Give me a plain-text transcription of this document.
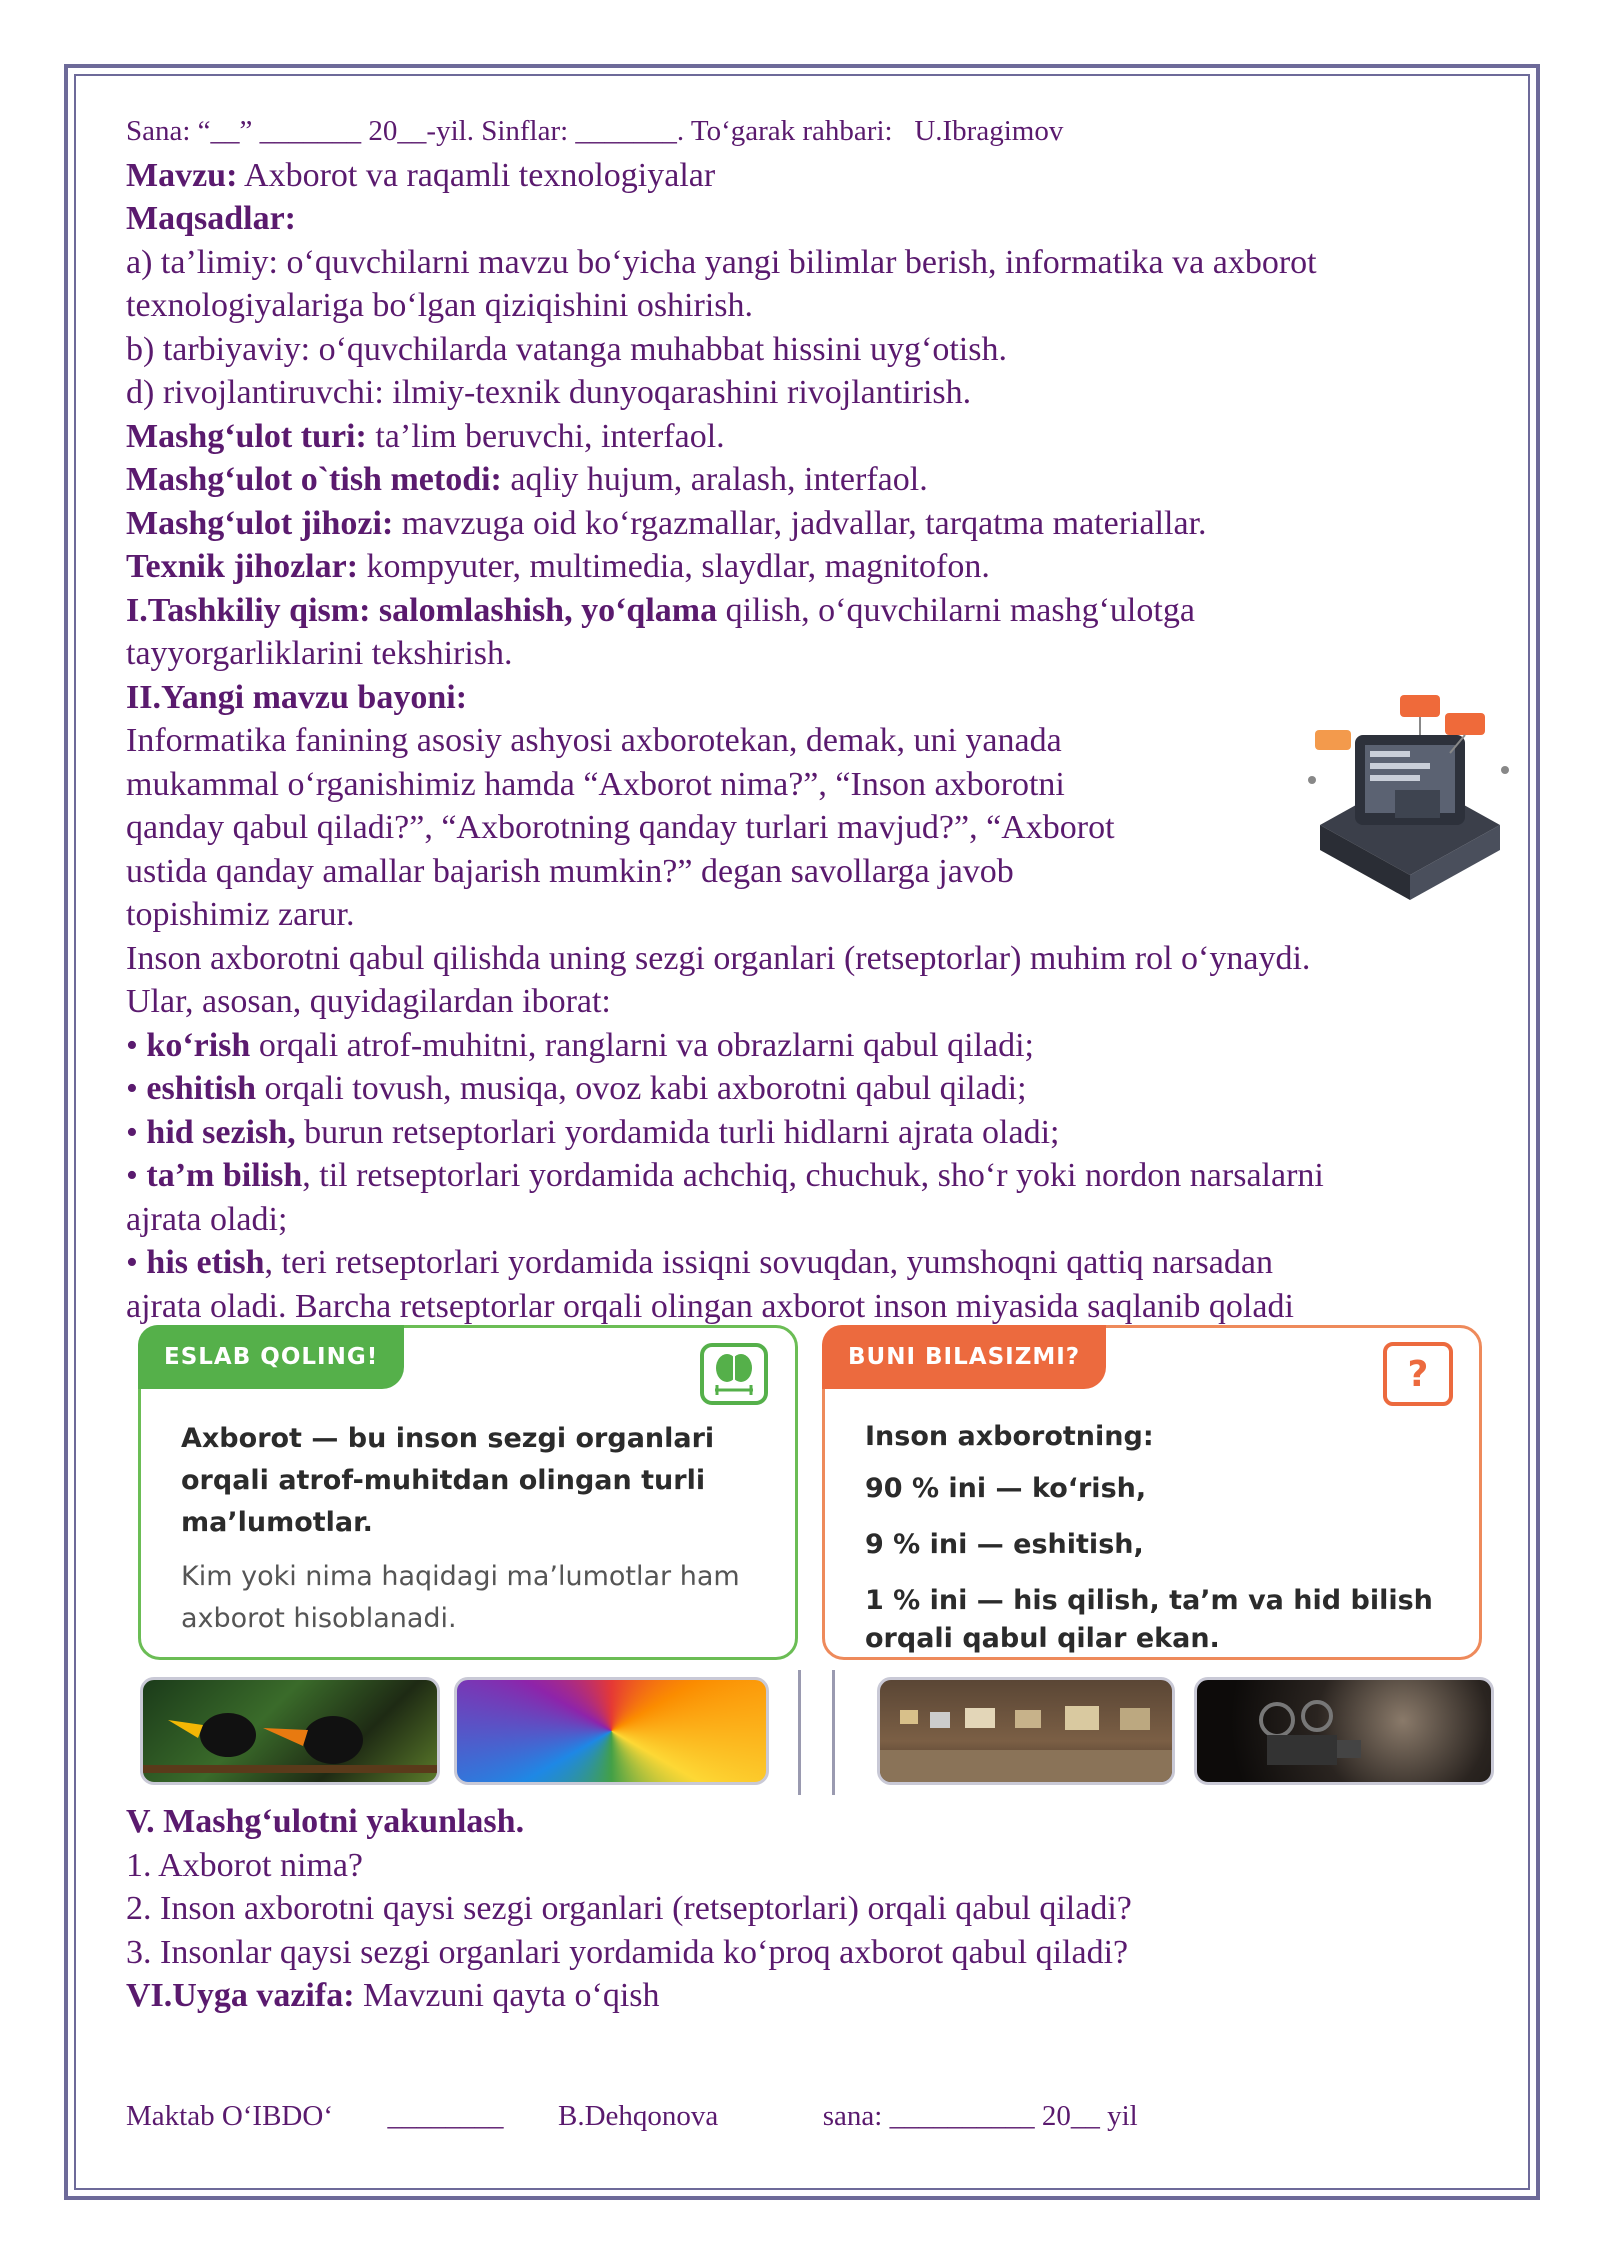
Sana: “__” _______ 20__-yil. Sinflar: _______. To‘garak rahbari: U.Ibragimov
Mavzu: Axborot va raqamli texnologiyalar
Maqsadlar:
a) ta’limiy: o‘quvchilarni mavzu bo‘yicha yangi bilimlar berish, informatika va axborot
texnologiyalariga bo‘lgan qiziqishini oshirish.
b) tarbiyaviy: o‘quvchilarda vatanga muhabbat hissini uyg‘otish.
d) rivojlantiruvchi: ilmiy-texnik dunyoqarashini rivojlantirish.
Mashg‘ulot turi: ta’lim beruvchi, interfaol.
Mashg‘ulot o`tish metodi: aqliy hujum, aralash, interfaol.
Mashg‘ulot jihozi: mavzuga oid ko‘rgazmallar, jadvallar, tarqatma materiallar.
Texnik jihozlar: kompyuter, multimedia, slaydlar, magnitofon.
I.Tashkiliy qism: salomlashish, yo‘qlama qilish, o‘quvchilarni mashg‘ulotga
tayyorgarliklarini tekshirish.
II.Yangi mavzu bayoni:
Informatika fanining asosiy ashyosi axborotekan, demak, uni yanada
mukammal o‘rganishimiz hamda “Axborot nima?”, “Inson axborotni
qanday qabul qiladi?”, “Axborotning qanday turlari mavjud?”, “Axborot
ustida qanday amallar bajarish mumkin?” degan savollarga javob
topishimiz zarur.
Inson axborotni qabul qilishda uning sezgi organlari (retseptorlar) muhim rol o‘ynaydi.
Ular, asosan, quyidagilardan iborat:
• ko‘rish orqali atrof-muhitni, ranglarni va obrazlarni qabul qiladi;
• eshitish orqali tovush, musiqa, ovoz kabi axborotni qabul qiladi;
• hid sezish, burun retseptorlari yordamida turli hidlarni ajrata oladi;
• ta’m bilish, til retseptorlari yordamida achchiq, chuchuk, sho‘r yoki nordon narsalarni
ajrata oladi;
• his etish, teri retseptorlari yordamida issiqni sovuqdan, yumshoqni qattiq narsadan
ajrata oladi. Barcha retseptorlar orqali olingan axborot inson miyasida saqlanib qoladi
ESLAB QOLING!
Axborot — bu inson sezgi organlari
orqali atrof-muhitdan olingan turli
ma’lumotlar.
Kim yoki nima haqidagi ma’lumotlar ham
axborot hisoblanadi.
BUNI BILASIZMI?	?
Inson axborotning:
90 % ini — ko‘rish,
9 % ini — eshitish,
1 % ini — his qilish, ta’m va hid bilish
orqali qabul qilar ekan.
V. Mashg‘ulotni yakunlash.
1. Axborot nima?
2. Inson axborotni qaysi sezgi organlari (retseptorlari) orqali qabul qiladi?
3. Insonlar qaysi sezgi organlari yordamida ko‘proq axborot qabul qiladi?
VI.Uyga vazifa: Mavzuni qayta o‘qish
Maktab O‘IBDO‘ ________ B.Dehqonova	sana: __________ 20__ yil
